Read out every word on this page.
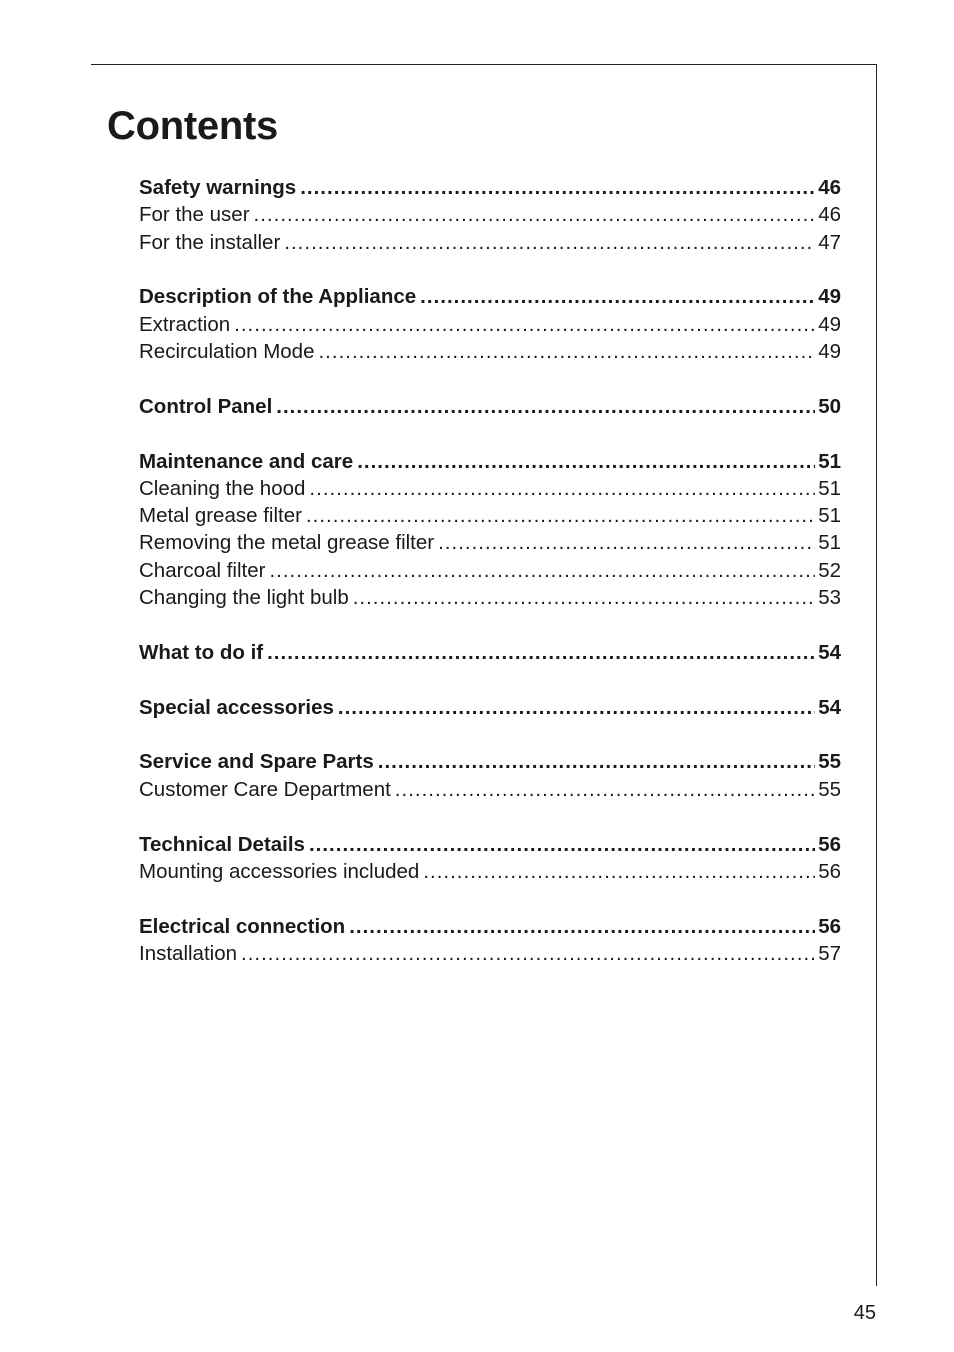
Contents
Safety warnings .....	46
For the user .....	46
For the installer .....	47
Description of the Appliance .....	49
Extraction .....	49
Recirculation Mode .....	49
Control Panel .....	50
Maintenance and care .....	51
Cleaning the hood .....	51
Metal grease filter .....	51
Removing the metal grease filter .....	51
Charcoal filter .....	52
Changing the light bulb .....	53
What to do if .....	54
Special accessories .....	54
Service and Spare Parts .....	55
Customer Care Department .....	55
Technical Details .....	56
Mounting accessories included .....	56
Electrical connection .....	56
Installation .....	57
45
